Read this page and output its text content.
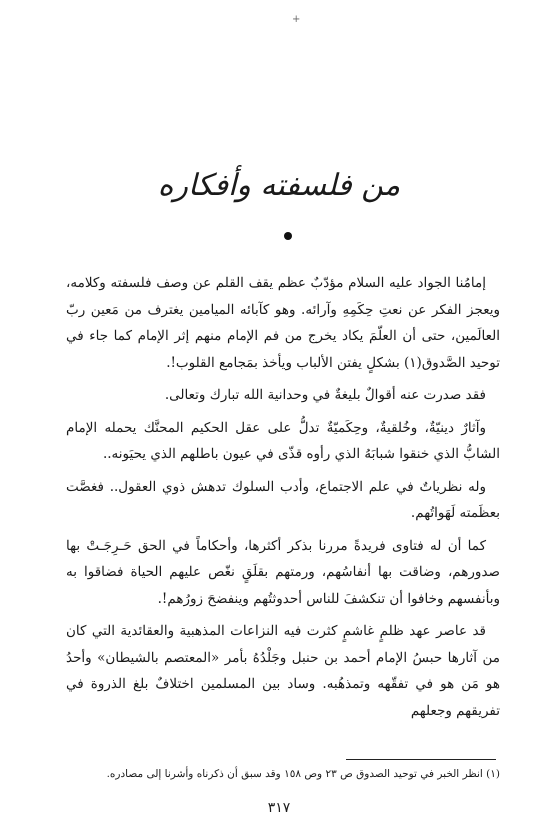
+
من فلسفته وأفكاره

إمامُنا الجواد عليه السلام مؤدّبٌ عظم يقف القلم عن وصف فلسفته وكلامه، ويعجز الفكر عن نعتِ حِكَمِهِ وآرائه. وهو كآبائه الميامين يغترف من مَعين ربّ العالَمين، حتى أن العلّمَ يكاد يخرج من فم الإمام منهم إثر الإمام كما جاء في توحيد الصَّدوق(١) بشكلٍ يفتن الألباب ويأخذ بمَجامع القلوب!.

فقد صدرت عنه أقوالٌ بليغةٌ في وحدانية الله تبارك وتعالى.

وآثارٌ دينيّةٌ، وخُلقيةٌ، وحِكَميّةٌ تدلُّ على عقل الحكيم المحنَّك يحمله الإمام الشابُّ الذي خنقوا شبابَهُ الذي رأوه قذّى في عيون باطلهم الذي يحيَونه..

وله نظرياتٌ في علم الاجتماع، وأدب السلوك تدهش ذوي العقول.. فغصَّت بعظَمته لَهَواتُهم.

كما أن له فتاوى فريدةً مررنا بذكر أكثرها، وأحكاماً في الحق حَـرِجَـتْ بها صدورهم، وضاقت بها أنفاسُهم، ورمتهم بقلَقٍ نغّص عليهم الحياة فضاقوا به وبأنفسهم وخافوا أن تنكشفَ للناس أحدوثتُهم وينفضحَ زورُهم!.

قد عاصر عهد ظلمٍ غاشمٍ كثرت فيه النزاعات المذهبية والعقائدية التي كان من آثارها حبسُ الإمام أحمد بن حنبل وجَلْدُهُ بأمر «المعتصم بالشيطان» وأحدُ هو مَن هو في تفقّهه وتمذهُبه. وساد بين المسلمين اختلافٌ بلغ الذروة في تفريقهم وجعلهم

(١) انظر الخبر في توحيد الصدوق ص ٢٣ وص ١٥٨ وقد سبق أن ذكرناه وأشرنا إلى مصادره.
٣١٧
